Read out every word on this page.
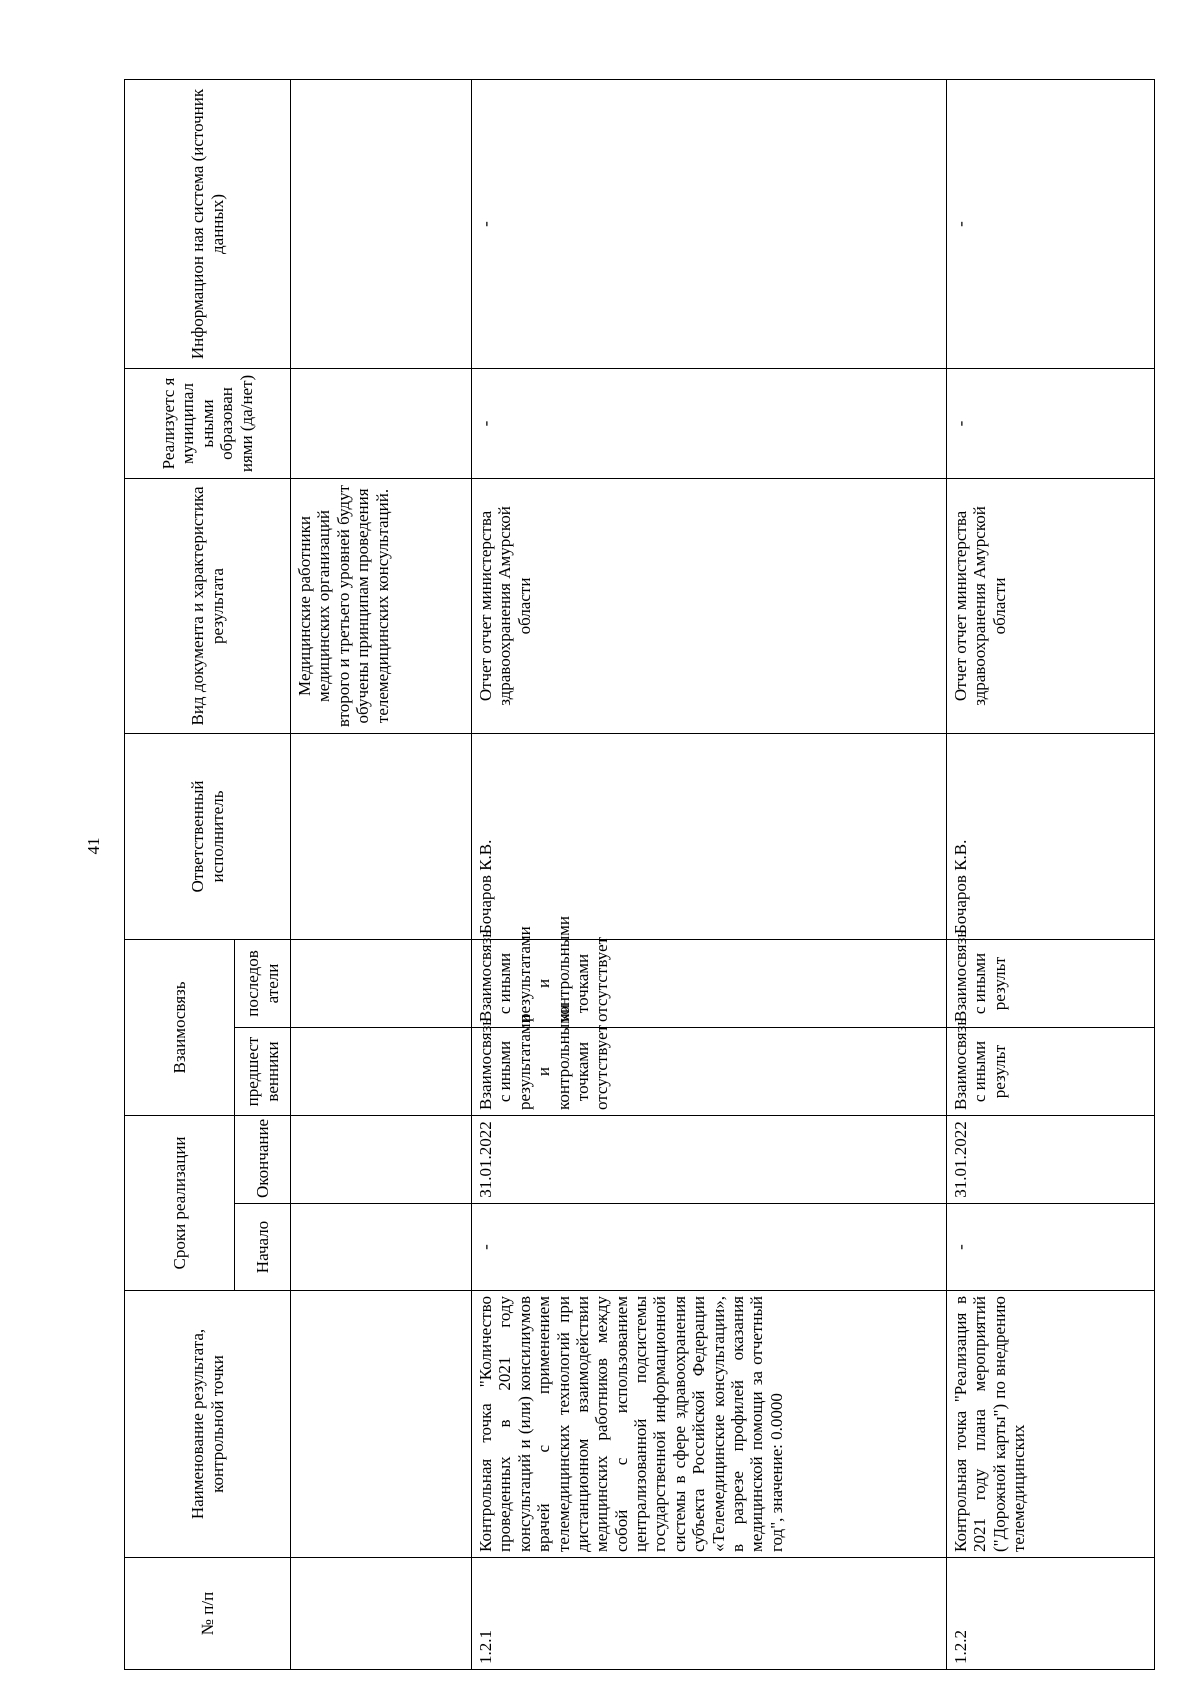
41
№ п/п	Наименование результата, контрольной точки	Сроки реализации		Взаимосвязь		Ответственный исполнитель	Вид документа и характеристика результата	Реализуетс я муниципал ьными образован иями (да/нет)	Информацион ная система (источник данных)
		Начало	Окончание	предшест венники	последов атели				
							Медицинские работники медицинских организаций второго и третьего уровней будут обучены принципам проведения телемедицинских консультаций.		
1.2.1	Контрольная точка "Количество проведенных в 2021 году консультаций и (или) консилиумов врачей с применением телемедицинских технологий при дистанционном взаимодействии медицинских работников между собой с использованием централизованной подсистемы государственной информационной системы в сфере здравоохранения субъекта Российской Федерации «Телемедицинские консультации», в разрезе профилей оказания медицинской помощи за отчетный год", значение: 0.0000	-	31.01.2022	Взаимосвязь с иными результатами и контрольными точками отсутствует	Взаимосвязь с иными результатами и контрольными точками отсутствует	Бочаров К.В.	Отчет отчет министерства здравоохранения Амурской области	-	-
1.2.2	Контрольная точка "Реализация в 2021 году плана мероприятий ("Дорожной карты") по внедрению телемедицинских	-	31.01.2022	Взаимосвязь с иными результ	Взаимосвязь с иными результ	Бочаров К.В.	Отчет отчет министерства здравоохранения Амурской области	-	-
